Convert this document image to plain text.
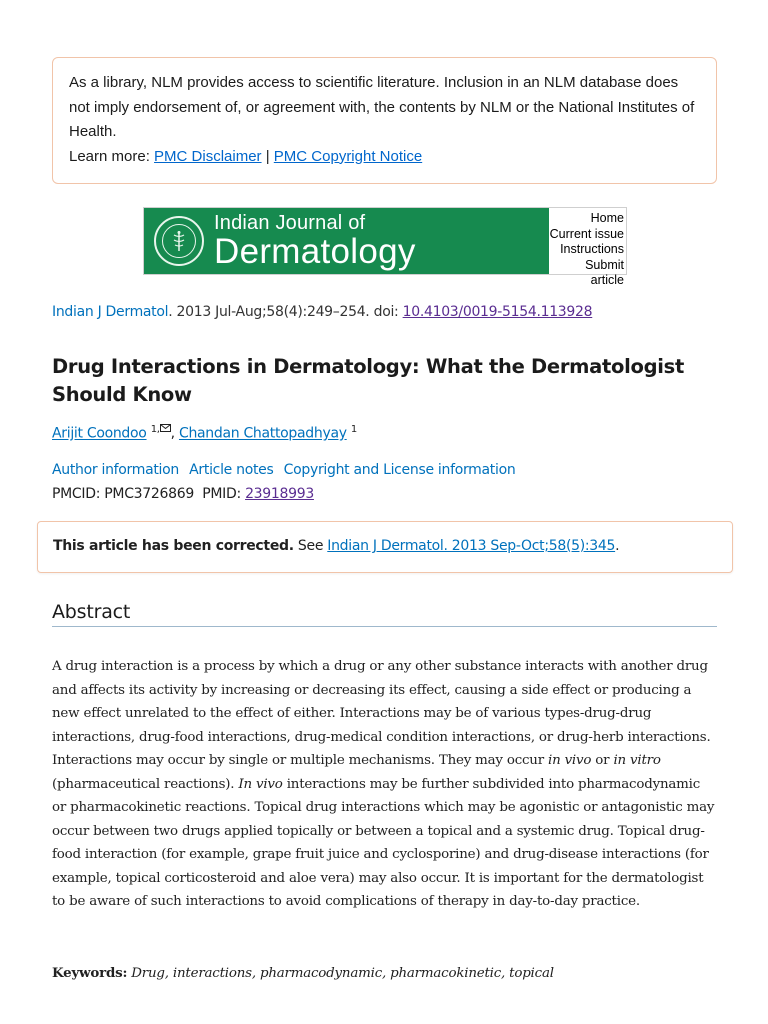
As a library, NLM provides access to scientific literature. Inclusion in an NLM database does not imply endorsement of, or agreement with, the contents by NLM or the National Institutes of Health.
Learn more: PMC Disclaimer | PMC Copyright Notice
Indian Journal of
Dermatology
Home
Current issue
Instructions
Submit article
Indian J Dermatol. 2013 Jul-Aug;58(4):249–254. doi: 10.4103/0019-5154.113928
Drug Interactions in Dermatology: What the Dermatologist Should Know
Arijit Coondoo $^{1,}$ , Chandan Chattopadhyay $^1$
Author information Article notes Copyright and License information
PMCID: PMC3726869 PMID: 23918993
This article has been corrected. See Indian J Dermatol. 2013 Sep-Oct;58(5):345.
Abstract

A drug interaction is a process by which a drug or any other substance interacts with another drug and affects its activity by increasing or decreasing its effect, causing a side effect or producing a new effect unrelated to the effect of either. Interactions may be of various types-drug-drug interactions, drug-food interactions, drug-medical condition interactions, or drug-herb interactions. Interactions may occur by single or multiple mechanisms. They may occur in vivo or in vitro (pharmaceutical reactions). In vivo interactions may be further subdivided into pharmacodynamic or pharmacokinetic reactions. Topical drug interactions which may be agonistic or antagonistic may occur between two drugs applied topically or between a topical and a systemic drug. Topical drug-food interaction (for example, grape fruit juice and cyclosporine) and drug-disease interactions (for example, topical corticosteroid and aloe vera) may also occur. It is important for the dermatologist to be aware of such interactions to avoid complications of therapy in day-to-day practice.

Keywords: Drug, interactions, pharmacodynamic, pharmacokinetic, topical
